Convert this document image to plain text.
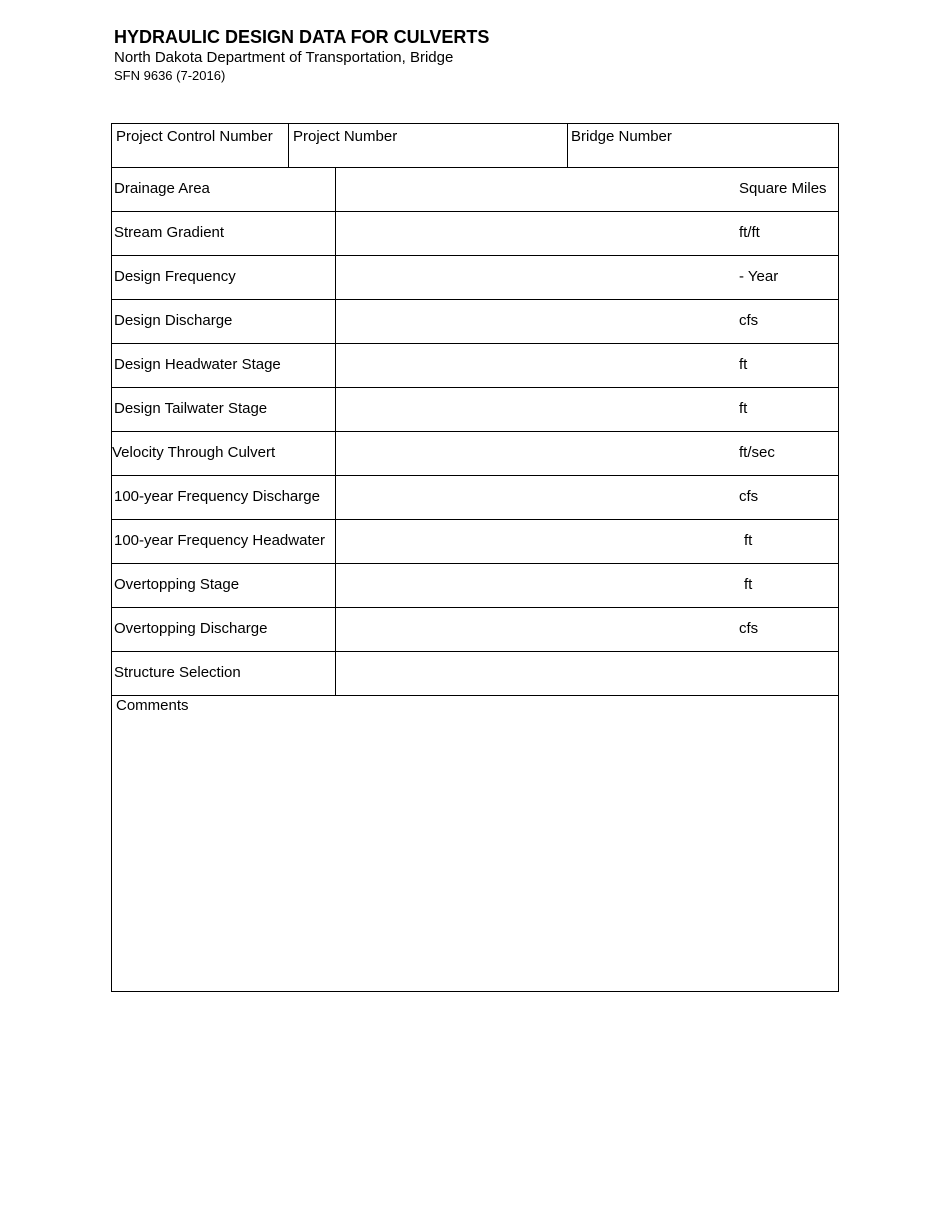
HYDRAULIC DESIGN DATA FOR CULVERTS
North Dakota Department of Transportation, Bridge
SFN 9636 (7-2016)
Project Control Number	Project Number	Bridge Number
Drainage Area	Square Miles
Stream Gradient	ft/ft
Design Frequency	- Year
Design Discharge	cfs
Design Headwater Stage	ft
Design Tailwater Stage	ft
Velocity Through Culvert	ft/sec
100-year Frequency Discharge	cfs
100-year Frequency Headwater	ft
Overtopping Stage	ft
Overtopping Discharge	cfs
Structure Selection
Comments
